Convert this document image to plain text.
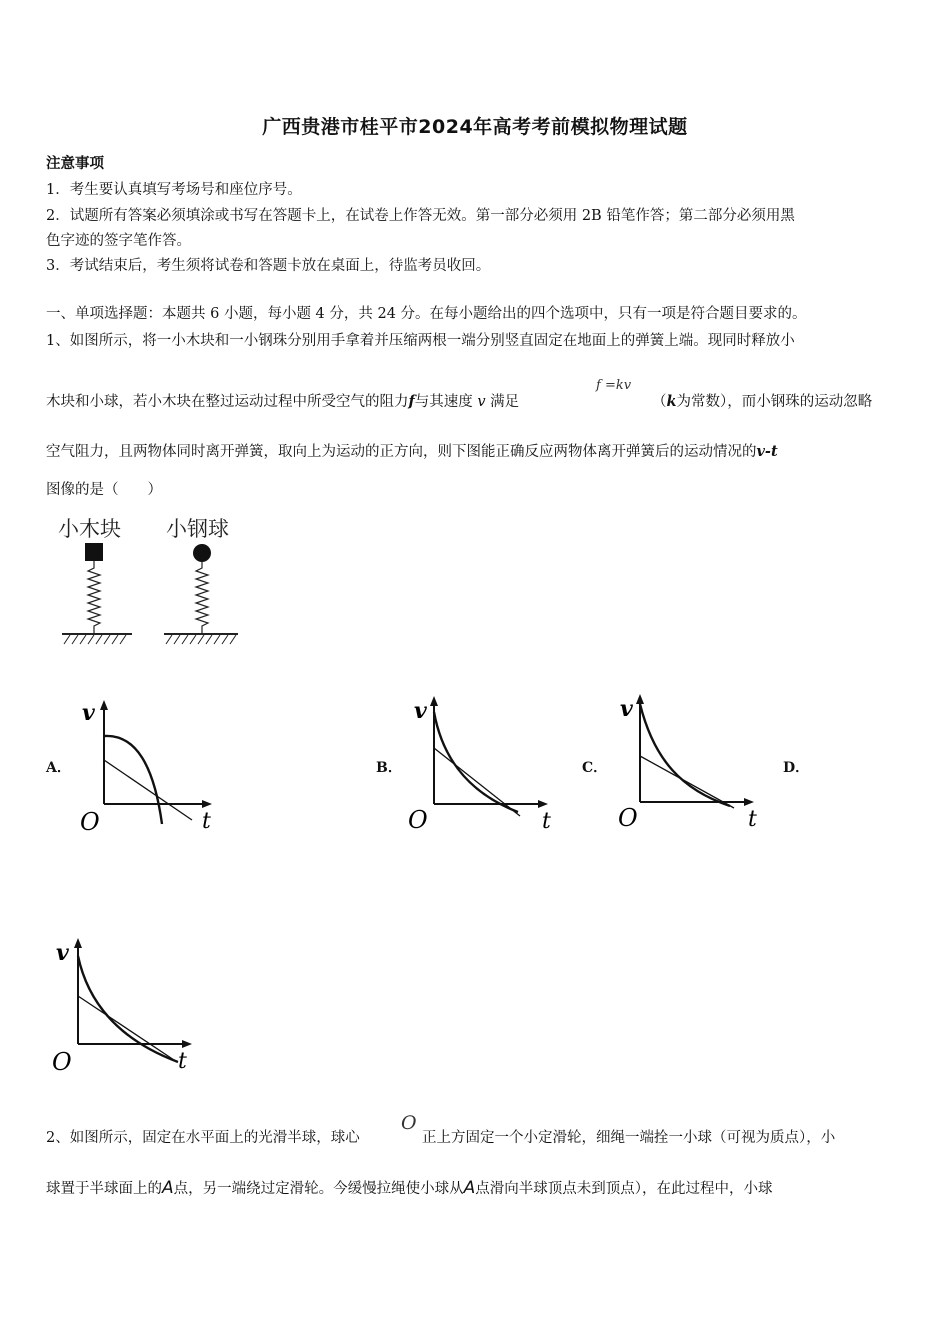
广西贵港市桂平市2024年高考考前模拟物理试题
注意事项
1．考生要认真填写考场号和座位序号。
2．试题所有答案必须填涂或书写在答题卡上，在试卷上作答无效。第一部分必须用 2B 铅笔作答；第二部分必须用黑
色字迹的签字笔作答。
3．考试结束后，考生须将试卷和答题卡放在桌面上，待监考员收回。
一、单项选择题：本题共 6 小题，每小题 4 分，共 24 分。在每小题给出的四个选项中，只有一项是符合题目要求的。
1、如图所示，将一小木块和一小钢珠分别用手拿着并压缩两根一端分别竖直固定在地面上的弹簧上端。现同时释放小
f =kv
木块和小球，若小木块在整过运动过程中所受空气的阻力f与其速度 v 满足	（k为常数），而小钢珠的运动忽略
空气阻力，且两物体同时离开弹簧，取向上为运动的正方向，则下图能正确反应两物体离开弹簧后的运动情况的v-t
图像的是（　　）
小木块 小钢球
A．	B．	C．	D．
v
t
O
v
t
O
v
t
O
v
t
O
O
2、如图所示，固定在水平面上的光滑半球，球心	正上方固定一个小定滑轮，细绳一端拴一小球（可视为质点），小
球置于半球面上的A点，另一端绕过定滑轮。今缓慢拉绳使小球从A点滑向半球顶点未到顶点），在此过程中，小球
